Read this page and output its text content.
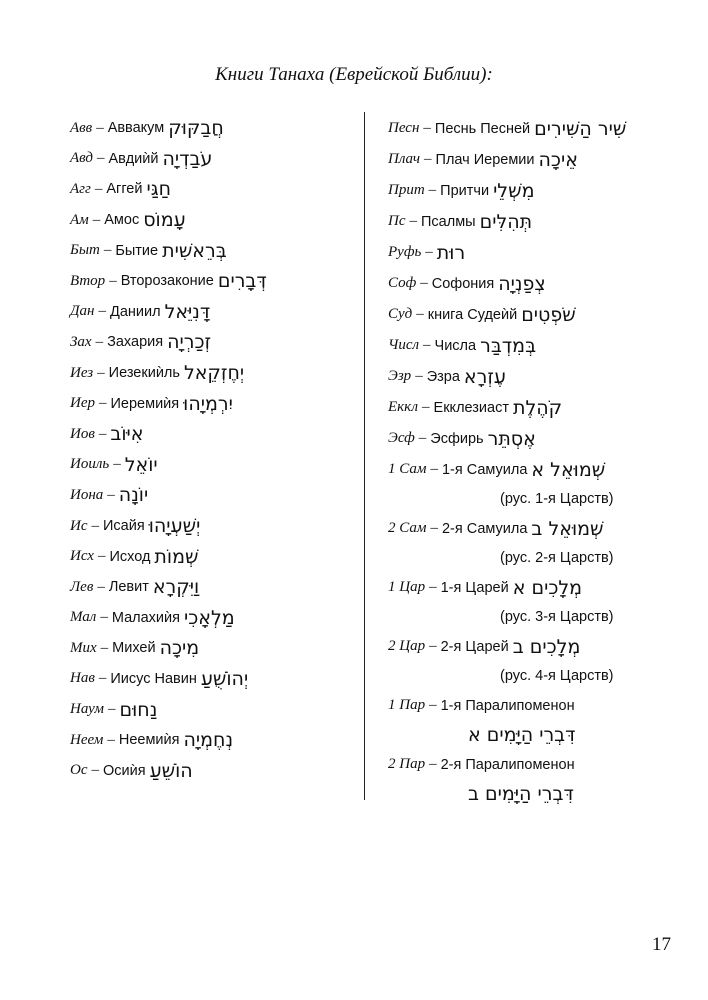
Книги Танаха (Еврейской Библии):
Авв – Аввакум חֲבַקּוּק
Авд – Авдиѝй עֹבַדְיָה
Агг – Аггей חַגַּי
Ам – Амос עָמוֹס
Быт – Бытие בְּרֵאשִׁית
Втор – Второзаконие דְּבָרִים
Дан – Даниил דָּנִיֵּאל
Зах – Захария זְכַרְיָה
Иез – Иезекиѝль יְחֶזְקֵאל
Иер – Иеремиѝя יִרְמְיָהוּ
Иов – אִיּוֹב
Иоиль – יוֹאֵל
Иона – יוֹנָה
Ис – Исайя יְשַׁעְיָהוּ
Исх – Исход שְׁמוֹת
Лев – Левит וַיִּקְרָא
Мал – Малахиѝя מַלְאָכִי
Мих – Михей מִיכָה
Нав – Иисус Навин יְהוֹשֻׁעַ
Наум – נַחוּם
Неем – Неемиѝя נְחֶמְיָה
Ос – Осиѝя הוֹשֵׁעַ
Песн – Песнь Песней שִׁיר הַשִּׁירִים
Плач – Плач Иеремии אֵיכָה
Прит – Притчи מִשְׁלֵי
Пс – Псалмы תְּהִלִּים
Руфь – רוּת
Соф – Софония צְפַנְיָה
Суд – книга Судеѝй שֹׁפְטִים
Числ – Числа בְּמִדְבַּר
Эзр – Эзра עֶזְרָא
Еккл – Екклезиаст קֹהֶלֶת
Эсф – Эсфирь אֶסְתֵּר
1 Сам – 1-я Самуила שְׁמוּאֵל א
(рус. 1-я Царств)
2 Сам – 2-я Самуила שְׁמוּאֵל ב
(рус. 2-я Царств)
1 Цар – 1-я Царей מְלָכִים א
(рус. 3-я Царств)
2 Цар – 2-я Царей מְלָכִים ב
(рус. 4-я Царств)
1 Пар – 1-я Паралипоменон
דִּבְרֵי הַיָּמִים א
2 Пар – 2-я Паралипоменон
דִּבְרֵי הַיָּמִים ב
17
